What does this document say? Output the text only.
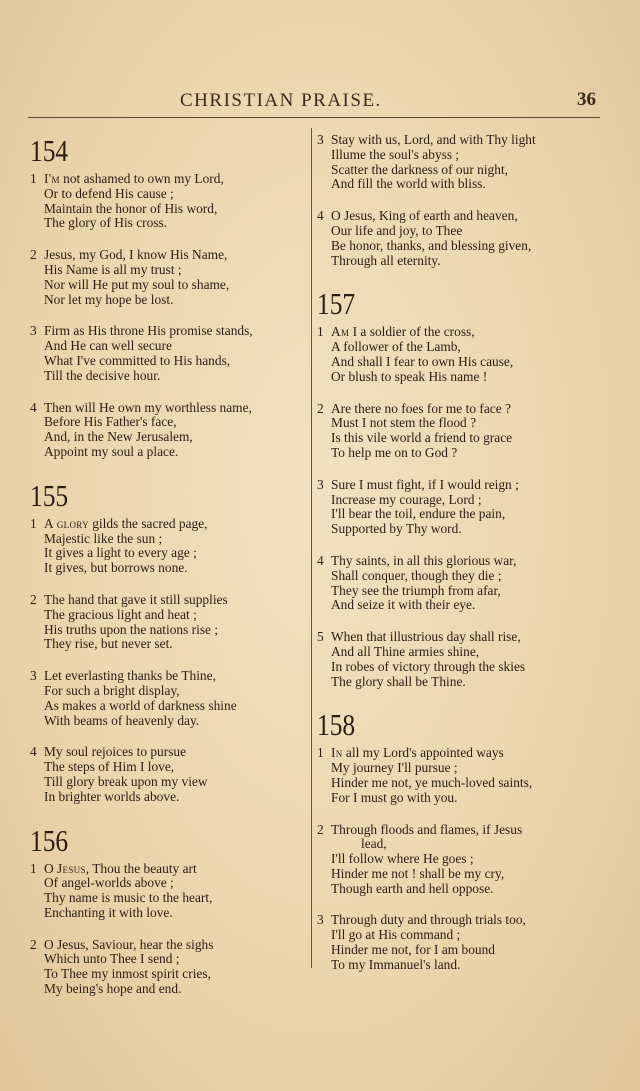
CHRISTIAN PRAISE.	36
154
1 I'm not ashamed to own my Lord,
Or to defend His cause ;
Maintain the honor of His word,
The glory of His cross.
2 Jesus, my God, I know His Name,
His Name is all my trust ;
Nor will He put my soul to shame,
Nor let my hope be lost.
3 Firm as His throne His promise stands,
And He can well secure
What I've committed to His hands,
Till the decisive hour.
4 Then will He own my worthless name,
Before His Father's face,
And, in the New Jerusalem,
Appoint my soul a place.
155
1 A glory gilds the sacred page,
Majestic like the sun ;
It gives a light to every age ;
It gives, but borrows none.
2 The hand that gave it still supplies
The gracious light and heat ;
His truths upon the nations rise ;
They rise, but never set.
3 Let everlasting thanks be Thine,
For such a bright display,
As makes a world of darkness shine
With beams of heavenly day.
4 My soul rejoices to pursue
The steps of Him I love,
Till glory break upon my view
In brighter worlds above.
156
1 O Jesus, Thou the beauty art
Of angel-worlds above ;
Thy name is music to the heart,
Enchanting it with love.
2 O Jesus, Saviour, hear the sighs
Which unto Thee I send ;
To Thee my inmost spirit cries,
My being's hope and end.
3 Stay with us, Lord, and with Thy light
Illume the soul's abyss ;
Scatter the darkness of our night,
And fill the world with bliss.
4 O Jesus, King of earth and heaven,
Our life and joy, to Thee
Be honor, thanks, and blessing given,
Through all eternity.
157
1 Am I a soldier of the cross,
A follower of the Lamb,
And shall I fear to own His cause,
Or blush to speak His name !
2 Are there no foes for me to face ?
Must I not stem the flood ?
Is this vile world a friend to grace
To help me on to God ?
3 Sure I must fight, if I would reign ;
Increase my courage, Lord ;
I'll bear the toil, endure the pain,
Supported by Thy word.
4 Thy saints, in all this glorious war,
Shall conquer, though they die ;
They see the triumph from afar,
And seize it with their eye.
5 When that illustrious day shall rise,
And all Thine armies shine,
In robes of victory through the skies
The glory shall be Thine.
158
1 In all my Lord's appointed ways
My journey I'll pursue ;
Hinder me not, ye much-loved saints,
For I must go with you.
2 Through floods and flames, if Jesus
lead,
I'll follow where He goes ;
Hinder me not ! shall be my cry,
Though earth and hell oppose.
3 Through duty and through trials too,
I'll go at His command ;
Hinder me not, for I am bound
To my Immanuel's land.
